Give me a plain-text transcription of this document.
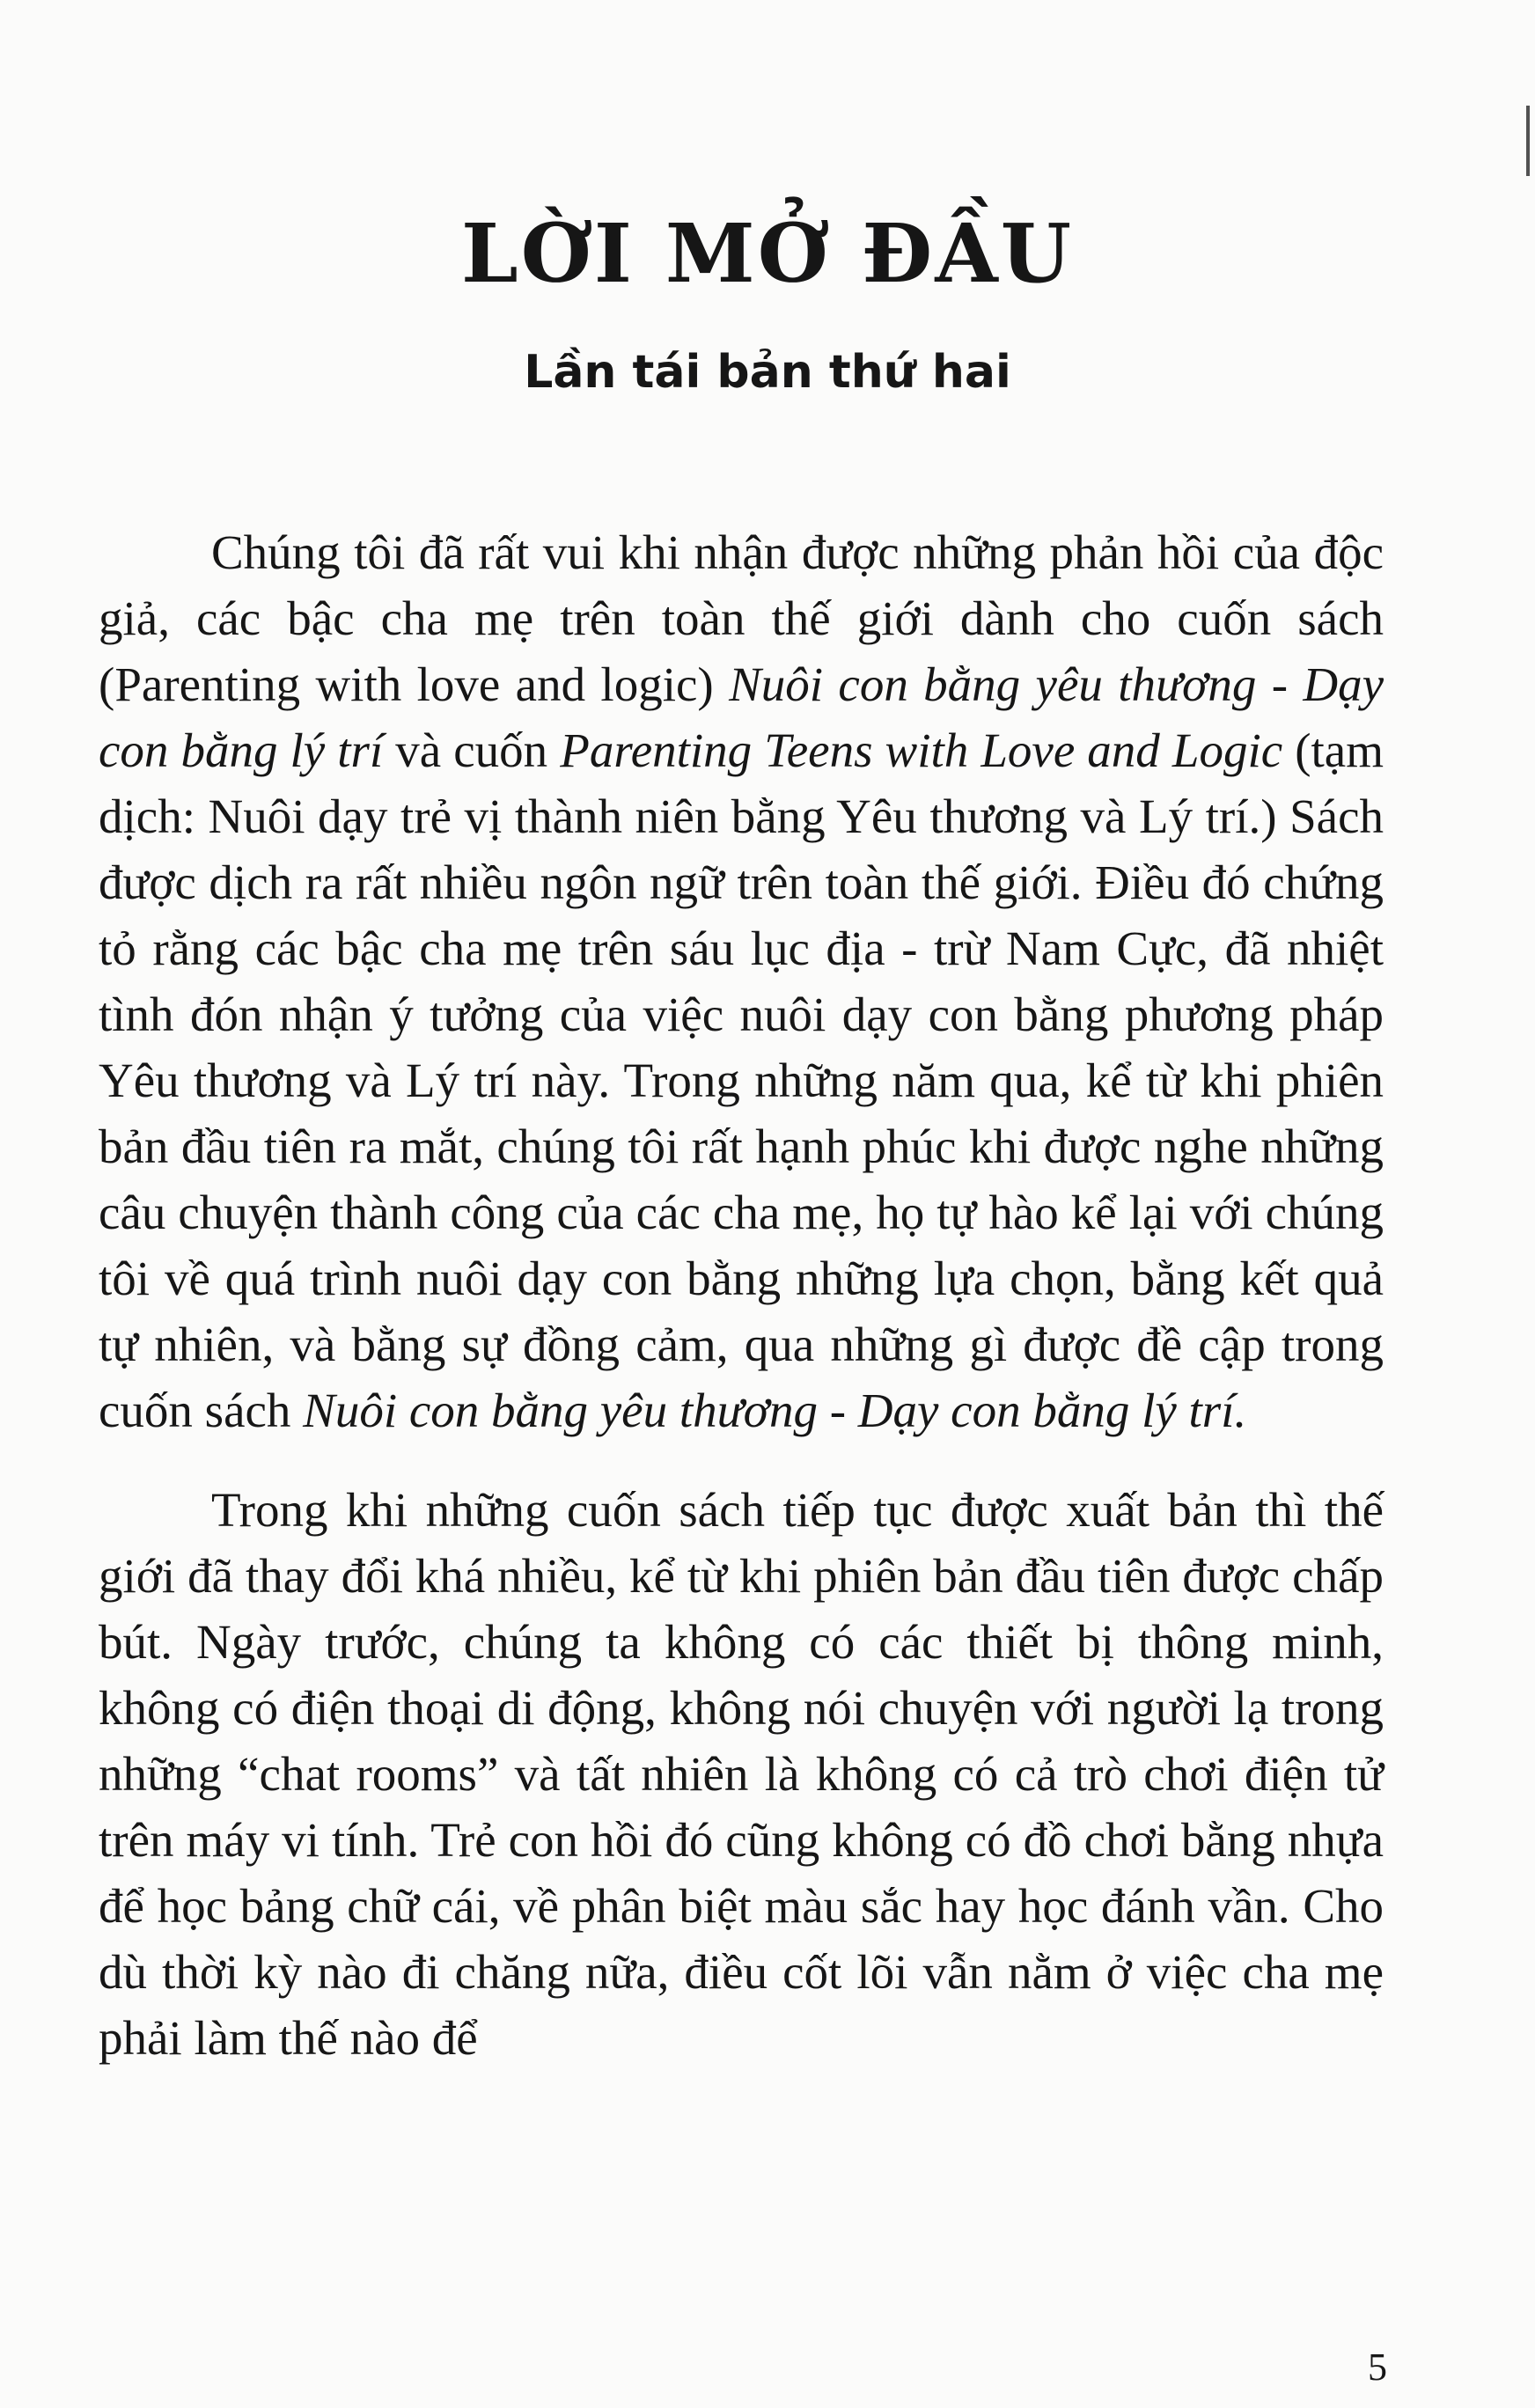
LỜI MỞ ĐẦU
Lần tái bản thứ hai

Chúng tôi đã rất vui khi nhận được những phản hồi của độc giả, các bậc cha mẹ trên toàn thế giới dành cho cuốn sách (Parenting with love and logic) Nuôi con bằng yêu thương - Dạy con bằng lý trí và cuốn Parenting Teens with Love and Logic (tạm dịch: Nuôi dạy trẻ vị thành niên bằng Yêu thương và Lý trí.) Sách được dịch ra rất nhiều ngôn ngữ trên toàn thế giới. Điều đó chứng tỏ rằng các bậc cha mẹ trên sáu lục địa - trừ Nam Cực, đã nhiệt tình đón nhận ý tưởng của việc nuôi dạy con bằng phương pháp Yêu thương và Lý trí này. Trong những năm qua, kể từ khi phiên bản đầu tiên ra mắt, chúng tôi rất hạnh phúc khi được nghe những câu chuyện thành công của các cha mẹ, họ tự hào kể lại với chúng tôi về quá trình nuôi dạy con bằng những lựa chọn, bằng kết quả tự nhiên, và bằng sự đồng cảm, qua những gì được đề cập trong cuốn sách Nuôi con bằng yêu thương - Dạy con bằng lý trí.

Trong khi những cuốn sách tiếp tục được xuất bản thì thế giới đã thay đổi khá nhiều, kể từ khi phiên bản đầu tiên được chấp bút. Ngày trước, chúng ta không có các thiết bị thông minh, không có điện thoại di động, không nói chuyện với người lạ trong những “chat rooms” và tất nhiên là không có cả trò chơi điện tử trên máy vi tính. Trẻ con hồi đó cũng không có đồ chơi bằng nhựa để học bảng chữ cái, về phân biệt màu sắc hay học đánh vần. Cho dù thời kỳ nào đi chăng nữa, điều cốt lõi vẫn nằm ở việc cha mẹ phải làm thế nào để

5
